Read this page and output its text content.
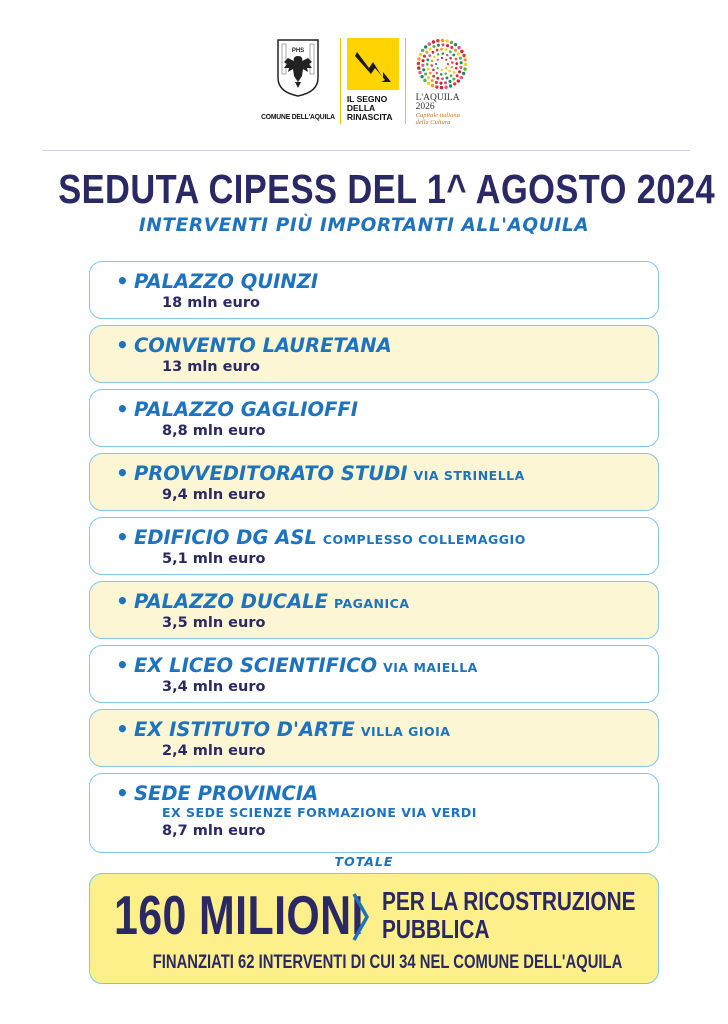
PHS
COMUNE DELL'AQUILA
IL SEGNO
DELLA
RINASCITA
L'AQUILA
2026
Capitale italiana
della Cultura
SEDUTA CIPESS DEL 1^ AGOSTO 2024
INTERVENTI PIÙ IMPORTANTI ALL'AQUILA
• PALAZZO QUINZI
18 mln euro
• CONVENTO LAURETANA
13 mln euro
• PALAZZO GAGLIOFFI
8,8 mln euro
• PROVVEDITORATO STUDI VIA STRINELLA
9,4 mln euro
• EDIFICIO DG ASL COMPLESSO COLLEMAGGIO
5,1 mln euro
• PALAZZO DUCALE PAGANICA
3,5 mln euro
• EX LICEO SCIENTIFICO VIA MAIELLA
3,4 mln euro
• EX ISTITUTO D'ARTE VILLA GIOIA
2,4 mln euro
• SEDE PROVINCIA
EX SEDE SCIENZE FORMAZIONE VIA VERDI
8,7 mln euro
TOTALE
160 MILIONI PER LA RICOSTRUZIONE
PUBBLICA
FINANZIATI 62 INTERVENTI DI CUI 34 NEL COMUNE DELL'AQUILA
